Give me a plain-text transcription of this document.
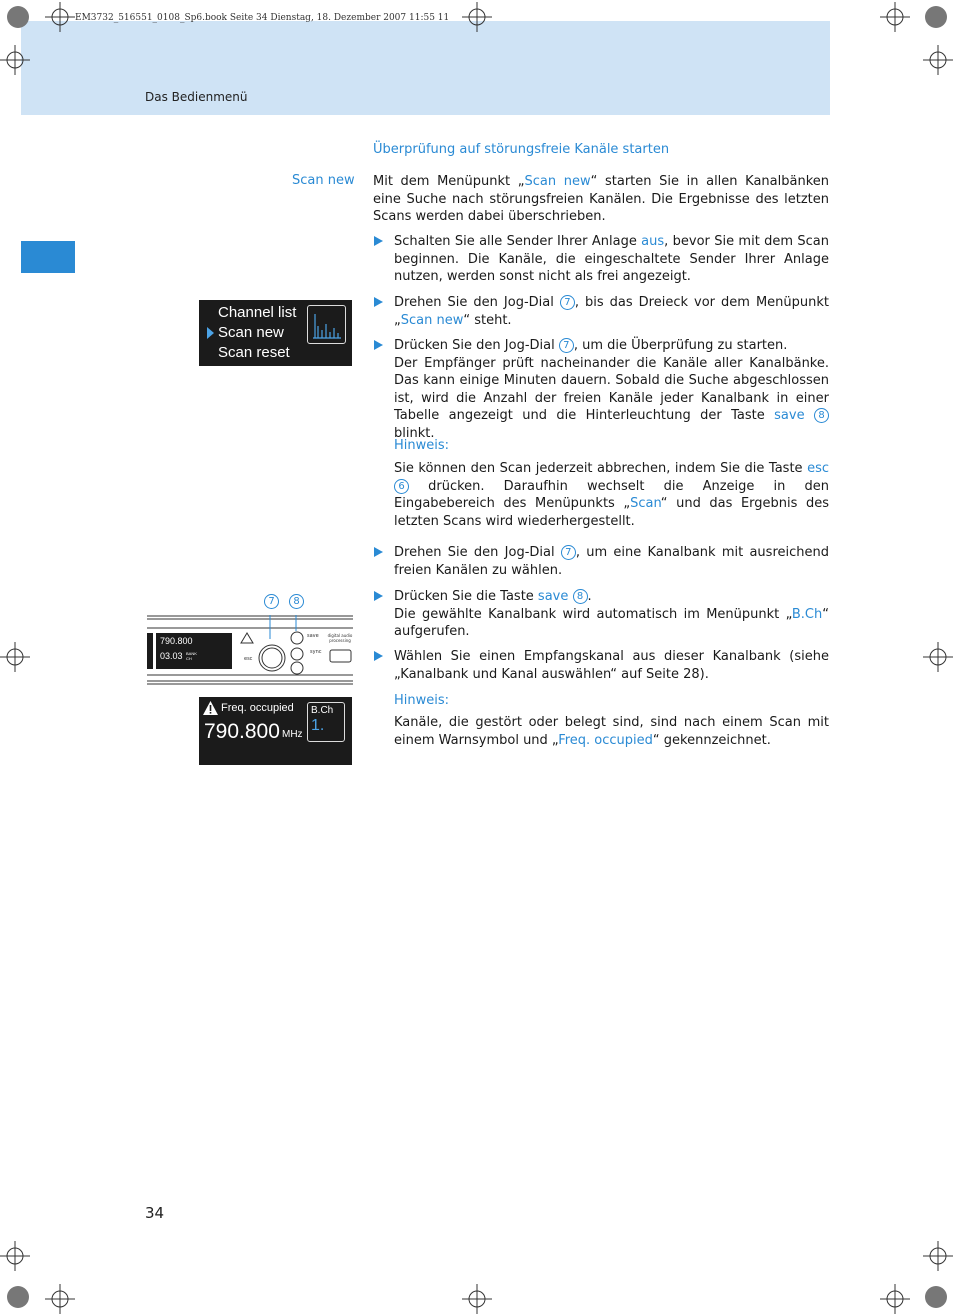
EM3732_516551_0108_Sp6.book Seite 34 Dienstag, 18. Dezember 2007 11:55 11
Das Bedienmenü
Überprüfung auf störungsfreie Kanäle starten
Scan new Mit dem Menüpunkt „Scan new“ starten Sie in allen Kanalbänken eine Suche nach störungsfreien Kanälen. Die Ergebnisse des letzten Scans werden dabei überschrieben.
Schalten Sie alle Sender Ihrer Anlage aus, bevor Sie mit dem Scan beginnen. Die Kanäle, die eingeschaltete Sender Ihrer Anlage nutzen, werden sonst nicht als frei angezeigt.
Drehen Sie den Jog-Dial 7 , bis das Dreieck vor dem Menüpunkt „Scan new“ steht.
Drücken Sie den Jog-Dial 7 , um die Überprüfung zu starten.
Der Empfänger prüft nacheinander die Kanäle aller Kanalbänke. Das kann einige Minuten dauern. Sobald die Suche abgeschlossen ist, wird die Anzahl der freien Kanäle jeder Kanalbank in einer Tabelle angezeigt und die Hinterleuchtung der Taste save 8 blinkt.
Hinweis:
Sie können den Scan jederzeit abbrechen, indem Sie die Taste esc 6 drücken. Daraufhin wechselt die Anzeige in den Eingabebereich des Menüpunkts „Scan“ und das Ergebnis des letzten Scans wird wiederhergestellt.
Drehen Sie den Jog-Dial 7 , um eine Kanalbank mit ausreichend freien Kanälen zu wählen.
Drücken Sie die Taste save 8 .
Die gewählte Kanalbank wird automatisch im Menüpunkt „B.Ch“ aufgerufen.
Wählen Sie einen Empfangskanal aus dieser Kanalbank (siehe „Kanalbank und Kanal auswählen“ auf Seite 28).
Hinweis:
Kanäle, die gestört oder belegt sind, sind nach einem Scan mit einem Warnsymbol und „Freq. occupied“ gekennzeichnet.
Channel list
Scan new
Scan reset
7	8
790.800
03.03 BANK
CH
save
sync
esc
digital audio processing
Freq. occupied
790.800 MHz
B.Ch
1.
34
